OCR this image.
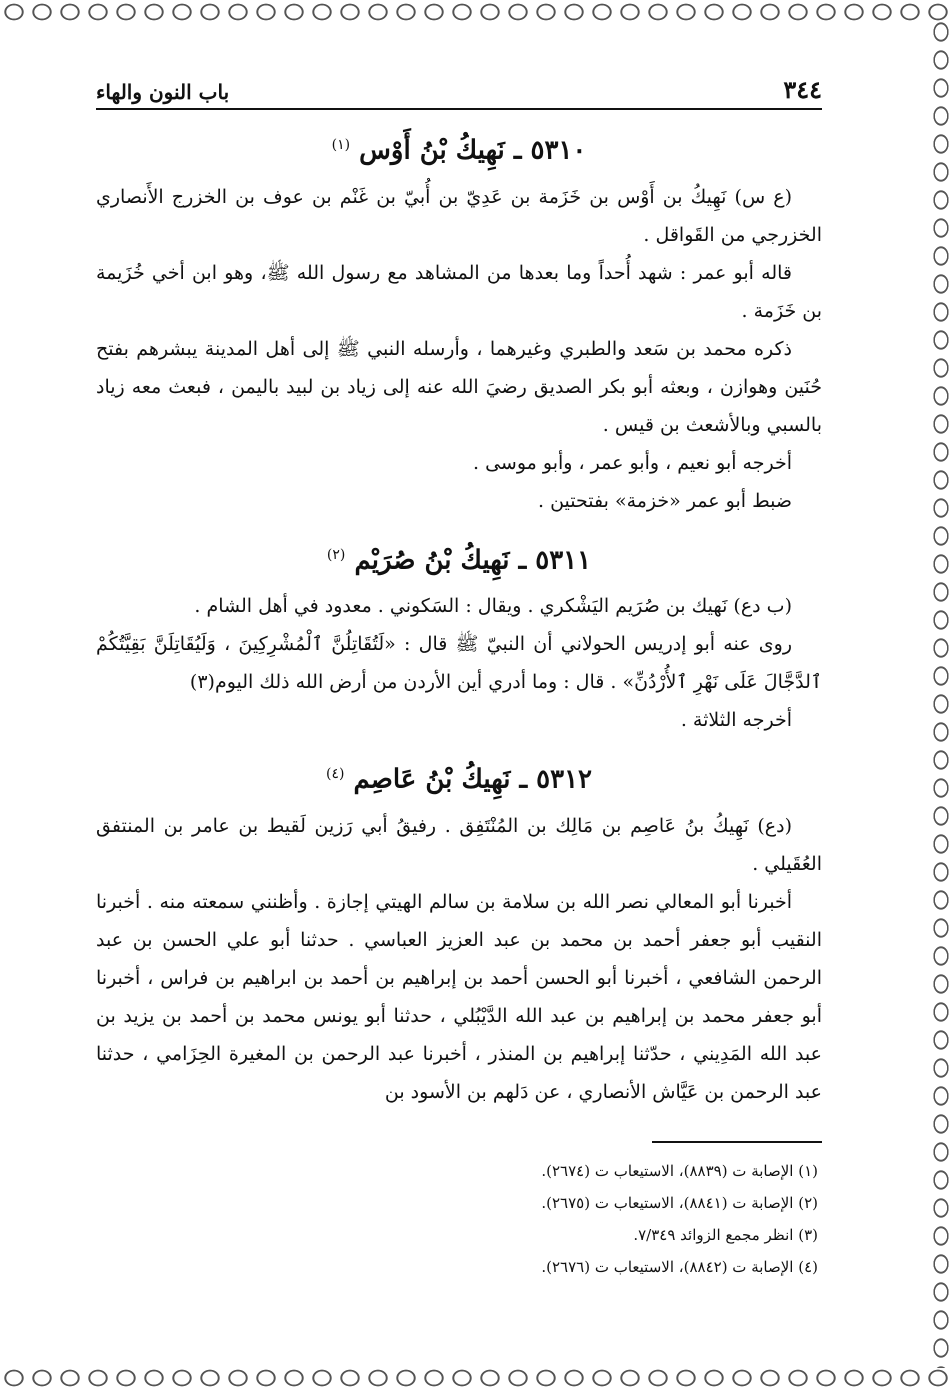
٣٤٤
باب النون والهاء
٥٣١٠ ـ نَهِيكُ بْنُ أَوْس $^{(١)}$

(ع س) نَهِيكُ بن أَوْس بن خَزَمة بن عَدِيّ بن أُبيّ بن غَنْم بن عوف بن الخزرج الأَنصاري الخزرجي من القَواقل .

قاله أبو عمر : شهد أُحداً وما بعدها من المشاهد مع رسول الله ﷺ، وهو ابن أخي خُزَيمة بن خَزَمة .

ذكره محمد بن سَعد والطبري وغيرهما ، وأرسله النبي ﷺ إلى أهل المدينة يبشرهم بفتح حُنَين وهوازن ، وبعثه أبو بكر الصديق رضيَ الله عنه إلى زياد بن لبيد باليمن ، فبعث معه زياد بالسبي وبالأشعث بن قيس .

أخرجه أبو نعيم ، وأبو عمر ، وأبو موسى .

ضبط أبو عمر «خزمة» بفتحتين .

٥٣١١ ـ نَهِيكُ بْنُ صُرَيْم $^{(٢)}$

(ب دع) نَهيك بن صُرَيم اليَشْكري . ويقال : السَكوني . معدود في أهل الشام .

روى عنه أبو إدريس الحولاني أن النبيّ ﷺ قال : «لَتُقَاتِلُنَّ ٱلْمُشْرِكِينَ ، وَلَيُقَاتِلَنَّ بَقِيَّتُكُمْ ٱلدَّجَّالَ عَلَى نَهْرِ ٱلأُرْدُنِّ» . قال : وما أدري أين الأردن من أرض الله ذلك اليوم(٣)

أخرجه الثلاثة .

٥٣١٢ ـ نَهِيكُ بْنُ عَاصِم $^{(٤)}$

(دع) نَهِيكُ بنُ عَاصِم بن مَالِك بن المُنْتَفِق . رفيقُ أبي رَزين لَقيط بن عامر بن المنتفق العُقَيلي .

أخبرنا أبو المعالي نصر الله بن سلامة بن سالم الهيتي إجازة . وأظنني سمعته منه . أخبرنا النقيب أبو جعفر أحمد بن محمد بن عبد العزيز العباسي . حدثنا أبو علي الحسن بن عبد الرحمن الشافعي ، أخبرنا أبو الحسن أحمد بن إبراهيم بن أحمد بن ابراهيم بن فراس ، أخبرنا أبو جعفر محمد بن إبراهيم بن عبد الله الدَّيْبُلي ، حدثنا أبو يونس محمد بن أحمد بن يزيد بن عبد الله المَدِيني ، حدّثنا إبراهيم بن المنذر ، أخبرنا عبد الرحمن بن المغيرة الحِزَامي ، حدثنا عبد الرحمن بن عَيَّاش الأنصاري ، عن دَلهم بن الأسود بن

(١) الإصابة ت (٨٨٣٩)، الاستيعاب ت (٢٦٧٤).

(٢) الإصابة ت (٨٨٤١)، الاستيعاب ت (٢٦٧٥).

(٣) انظر مجمع الزوائد ٧/٣٤٩.

(٤) الإصابة ت (٨٨٤٢)، الاستيعاب ت (٢٦٧٦).
